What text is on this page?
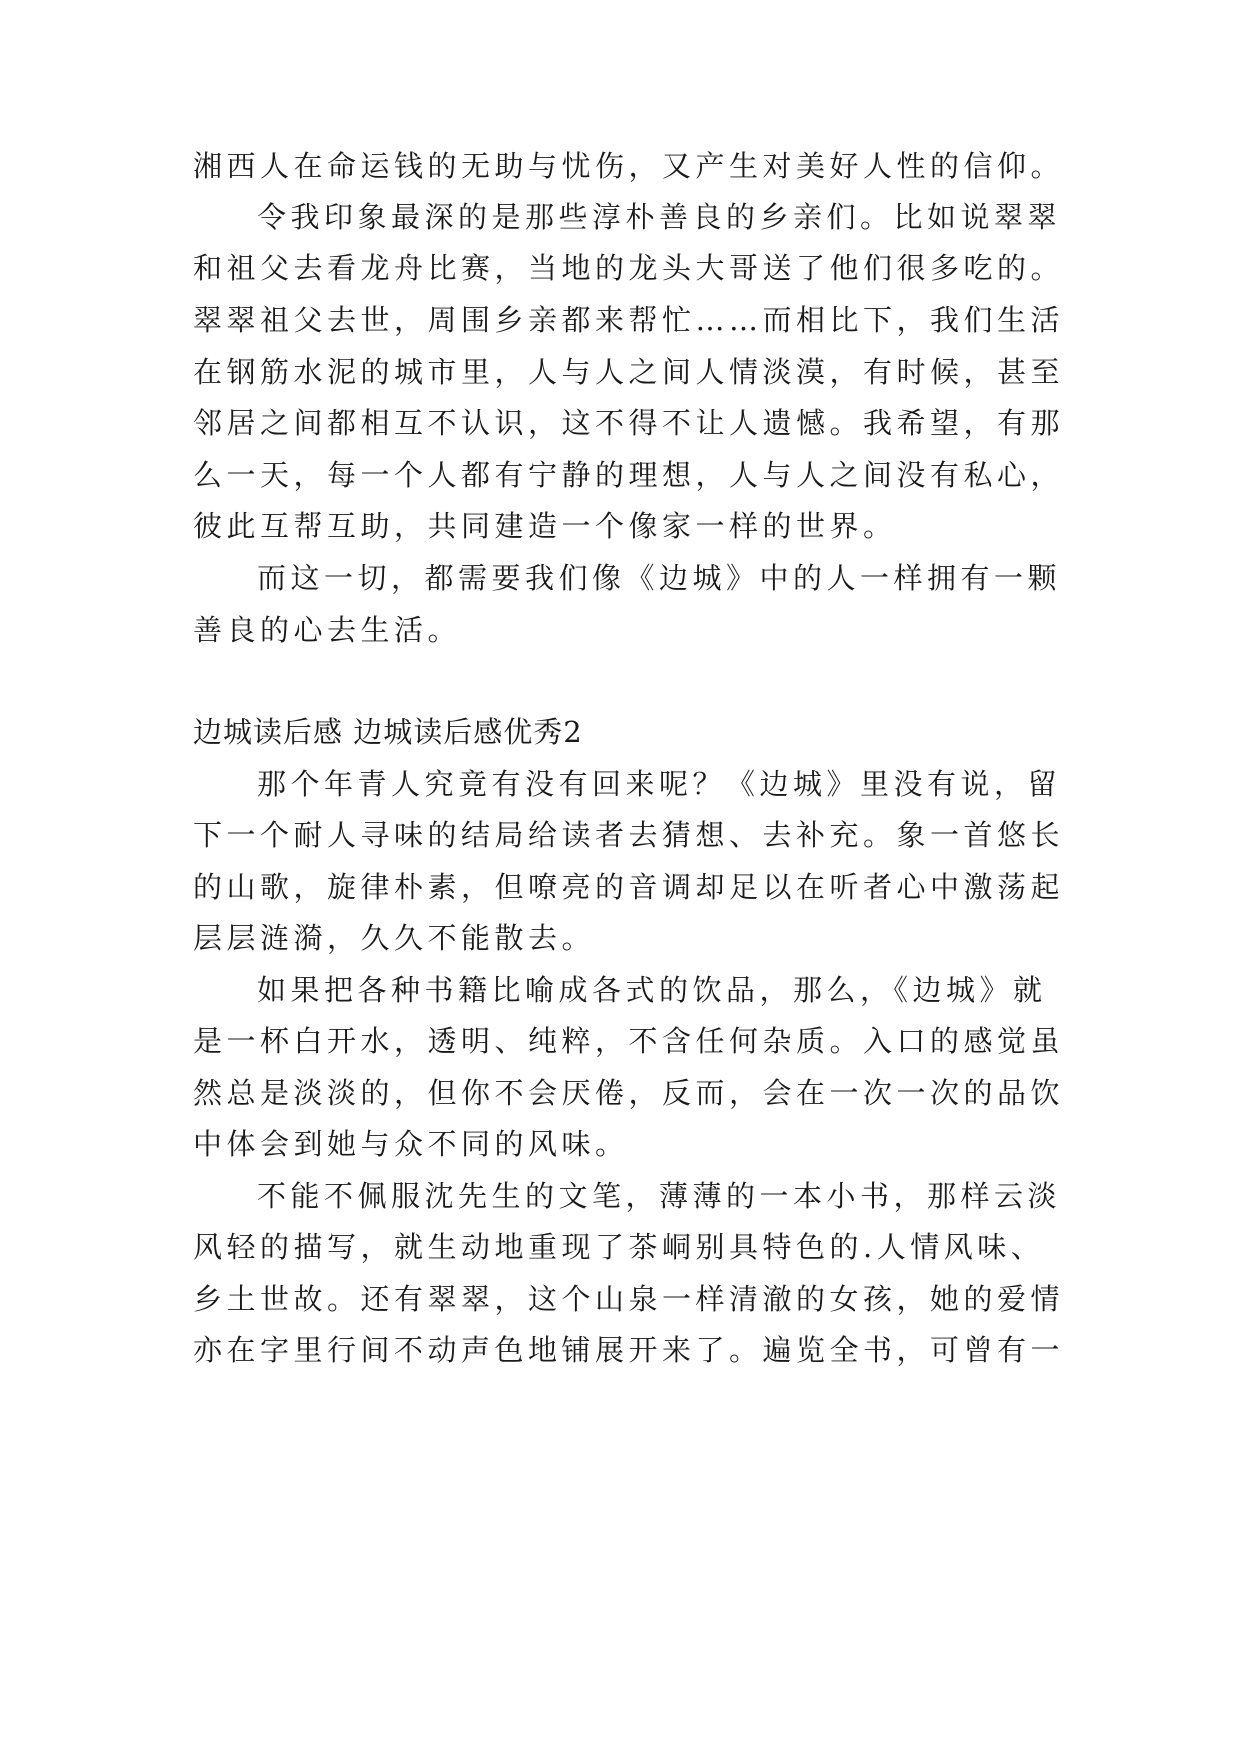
湘西人在命运钱的无助与忧伤，又产生对美好人性的信仰。
令我印象最深的是那些淳朴善良的乡亲们。比如说翠翠
和祖父去看龙舟比赛，当地的龙头大哥送了他们很多吃的。
翠翠祖父去世，周围乡亲都来帮忙……而相比下，我们生活
在钢筋水泥的城市里，人与人之间人情淡漠，有时候，甚至
邻居之间都相互不认识，这不得不让人遗憾。我希望，有那
么一天，每一个人都有宁静的理想，人与人之间没有私心，
彼此互帮互助，共同建造一个像家一样的世界。
而这一切，都需要我们像《边城》中的人一样拥有一颗
善良的心去生活。
边城读后感 边城读后感优秀2
那个年青人究竟有没有回来呢？《边城》里没有说，留
下一个耐人寻味的结局给读者去猜想、去补充。象一首悠长
的山歌，旋律朴素，但嘹亮的音调却足以在听者心中激荡起
层层涟漪，久久不能散去。
如果把各种书籍比喻成各式的饮品，那么，《边城》就
是一杯白开水，透明、纯粹，不含任何杂质。入口的感觉虽
然总是淡淡的，但你不会厌倦，反而，会在一次一次的品饮
中体会到她与众不同的风味。
不能不佩服沈先生的文笔，薄薄的一本小书，那样云淡
风轻的描写，就生动地重现了茶峒别具特色的.人情风味、
乡土世故。还有翠翠，这个山泉一样清澈的女孩，她的爱情
亦在字里行间不动声色地铺展开来了。遍览全书，可曾有一
